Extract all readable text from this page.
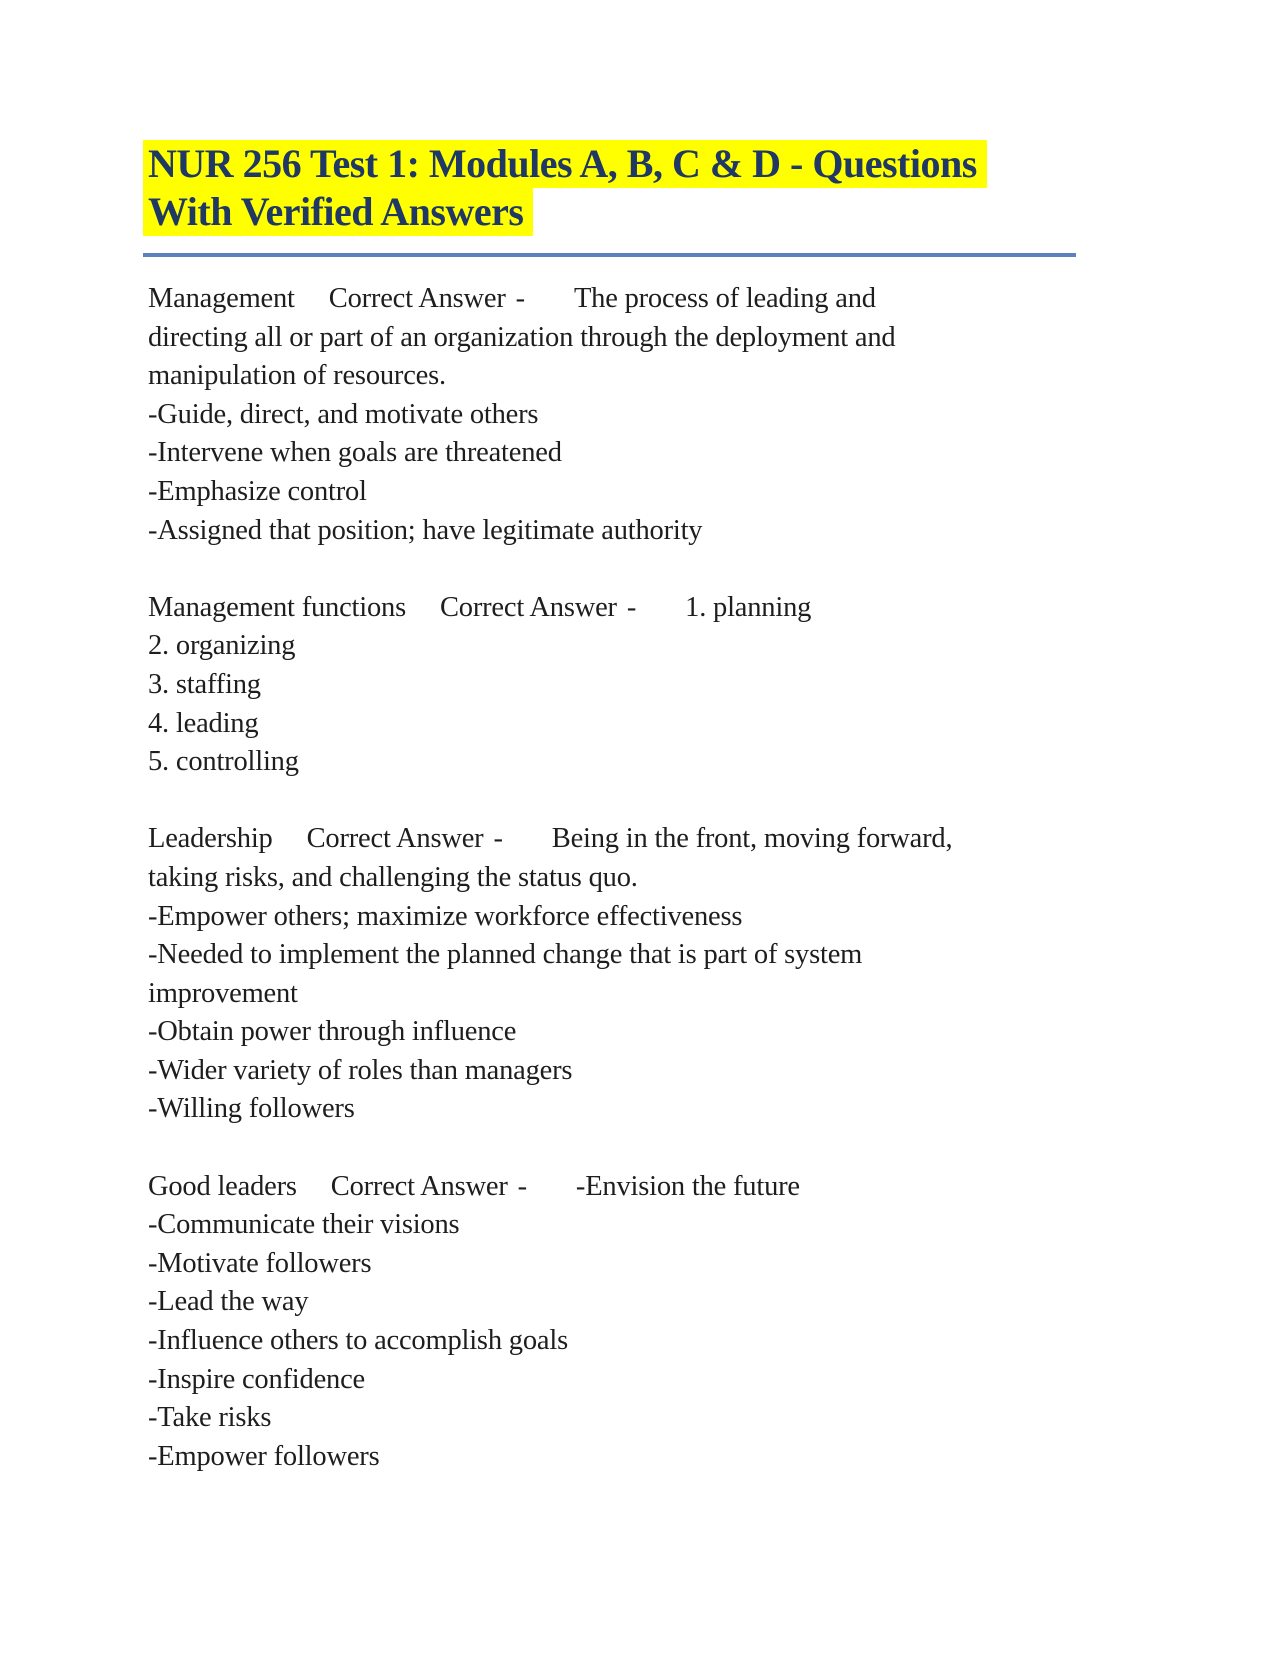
NUR 256 Test 1: Modules A, B, C & D - Questions
With Verified Answers
Management Correct Answer - The process of leading and
directing all or part of an organization through the deployment and
manipulation of resources.
-Guide, direct, and motivate others
-Intervene when goals are threatened
-Emphasize control
-Assigned that position; have legitimate authority
Management functions Correct Answer - 1. planning
2. organizing
3. staffing
4. leading
5. controlling
Leadership Correct Answer - Being in the front, moving forward,
taking risks, and challenging the status quo.
-Empower others; maximize workforce effectiveness
-Needed to implement the planned change that is part of system
improvement
-Obtain power through influence
-Wider variety of roles than managers
-Willing followers
Good leaders Correct Answer - -Envision the future
-Communicate their visions
-Motivate followers
-Lead the way
-Influence others to accomplish goals
-Inspire confidence
-Take risks
-Empower followers
